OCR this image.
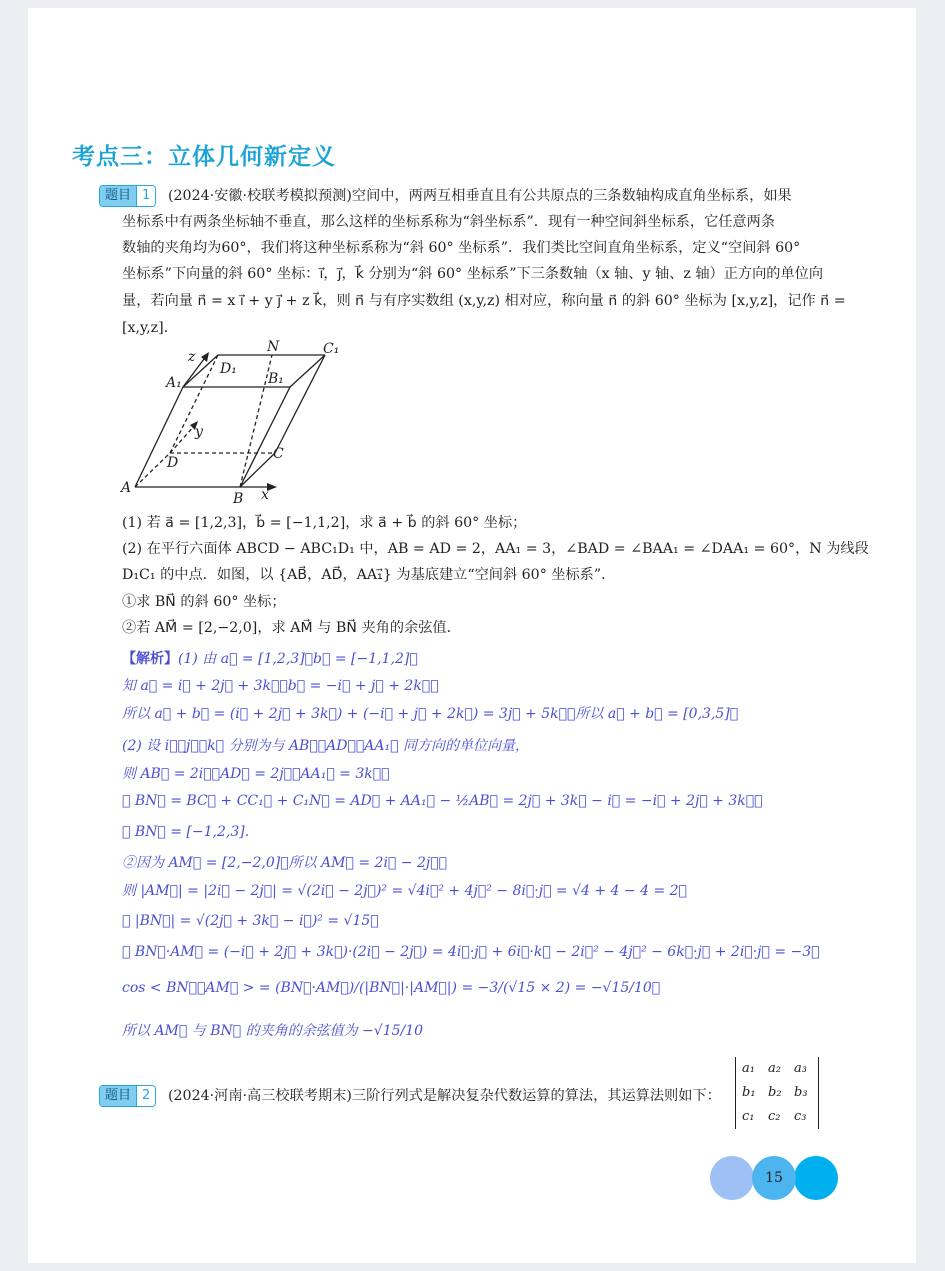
考点三：立体几何新定义
题目 1	(2024·安徽·校联考模拟预测)空间中，两两互相垂直且有公共原点的三条数轴构成直角坐标系，如果
坐标系中有两条坐标轴不垂直，那么这样的坐标系称为“斜坐标系”．现有一种空间斜坐标系，它任意两条
数轴的夹角均为60°，我们将这种坐标系称为“斜 60° 坐标系”．我们类比空间直角坐标系，定义“空间斜 60°
坐标系”下向量的斜 60° 坐标：i⃗，j⃗，k⃗ 分别为“斜 60° 坐标系”下三条数轴（x 轴、y 轴、z 轴）正方向的单位向
量，若向量 n⃗ = x i⃗ + y j⃗ + z k⃗，则 n⃗ 与有序实数组 (x,y,z) 相对应，称向量 n⃗ 的斜 60° 坐标为 [x,y,z]，记作 n⃗ =
[x,y,z]．
z
D₁
N	C₁
A₁	B₁
y
D
C
A
B x
(1) 若 a⃗ = [1,2,3]，b⃗ = [−1,1,2]，求 a⃗ + b⃗ 的斜 60° 坐标；
(2) 在平行六面体 ABCD − ABC₁D₁ 中，AB = AD = 2，AA₁ = 3，∠BAD = ∠BAA₁ = ∠DAA₁ = 60°，N 为线段
D₁C₁ 的中点．如图，以 {AB⃗，AD⃗，AA₁⃗} 为基底建立“空间斜 60° 坐标系”．
①求 BN⃗ 的斜 60° 坐标；
②若 AM⃗ = [2,−2,0]，求 AM⃗ 与 BN⃗ 夹角的余弦值．
【解析】(1) 由 a⃗ = [1,2,3]，b⃗ = [−1,1,2]，
知 a⃗ = i⃗ + 2j⃗ + 3k⃗，b⃗ = −i⃗ + j⃗ + 2k⃗，
所以 a⃗ + b⃗ = (i⃗ + 2j⃗ + 3k⃗) + (−i⃗ + j⃗ + 2k⃗) = 3j⃗ + 5k⃗，所以 a⃗ + b⃗ = [0,3,5]；
(2) 设 i⃗，j⃗，k⃗ 分别为与 AB⃗，AD⃗，AA₁⃗ 同方向的单位向量，
则 AB⃗ = 2i⃗，AD⃗ = 2j⃗，AA₁⃗ = 3k⃗，
① BN⃗ = BC⃗ + CC₁⃗ + C₁N⃗ = AD⃗ + AA₁⃗ − ½AB⃗ = 2j⃗ + 3k⃗ − i⃗ = −i⃗ + 2j⃗ + 3k⃗，
∴ BN⃗ = [−1,2,3].
②因为 AM⃗ = [2,−2,0]，所以 AM⃗ = 2i⃗ − 2j⃗，
则 |AM⃗| = |2i⃗ − 2j⃗| = √(2i⃗ − 2j⃗)² = √4i⃗² + 4j⃗² − 8i⃗·j⃗ = √4 + 4 − 4 = 2，
∵ |BN⃗| = √(2j⃗ + 3k⃗ − i⃗)² = √15，
∴ BN⃗·AM⃗ = (−i⃗ + 2j⃗ + 3k⃗)·(2i⃗ − 2j⃗) = 4i⃗·j⃗ + 6i⃗·k⃗ − 2i⃗² − 4j⃗² − 6k⃗·j⃗ + 2i⃗·j⃗ = −3，
cos < BN⃗，AM⃗ > = (BN⃗·AM⃗)/(|BN⃗|·|AM⃗|) = −3/(√15 × 2) = −√15/10，
所以 AM⃗ 与 BN⃗ 的夹角的余弦值为 −√15/10
题目 2	(2024·河南·高三校联考期末)三阶行列式是解决复杂代数运算的算法，其运算法则如下：
a₁ a₂ a₃
b₁ b₂ b₃
c₁ c₂ c₃
15
